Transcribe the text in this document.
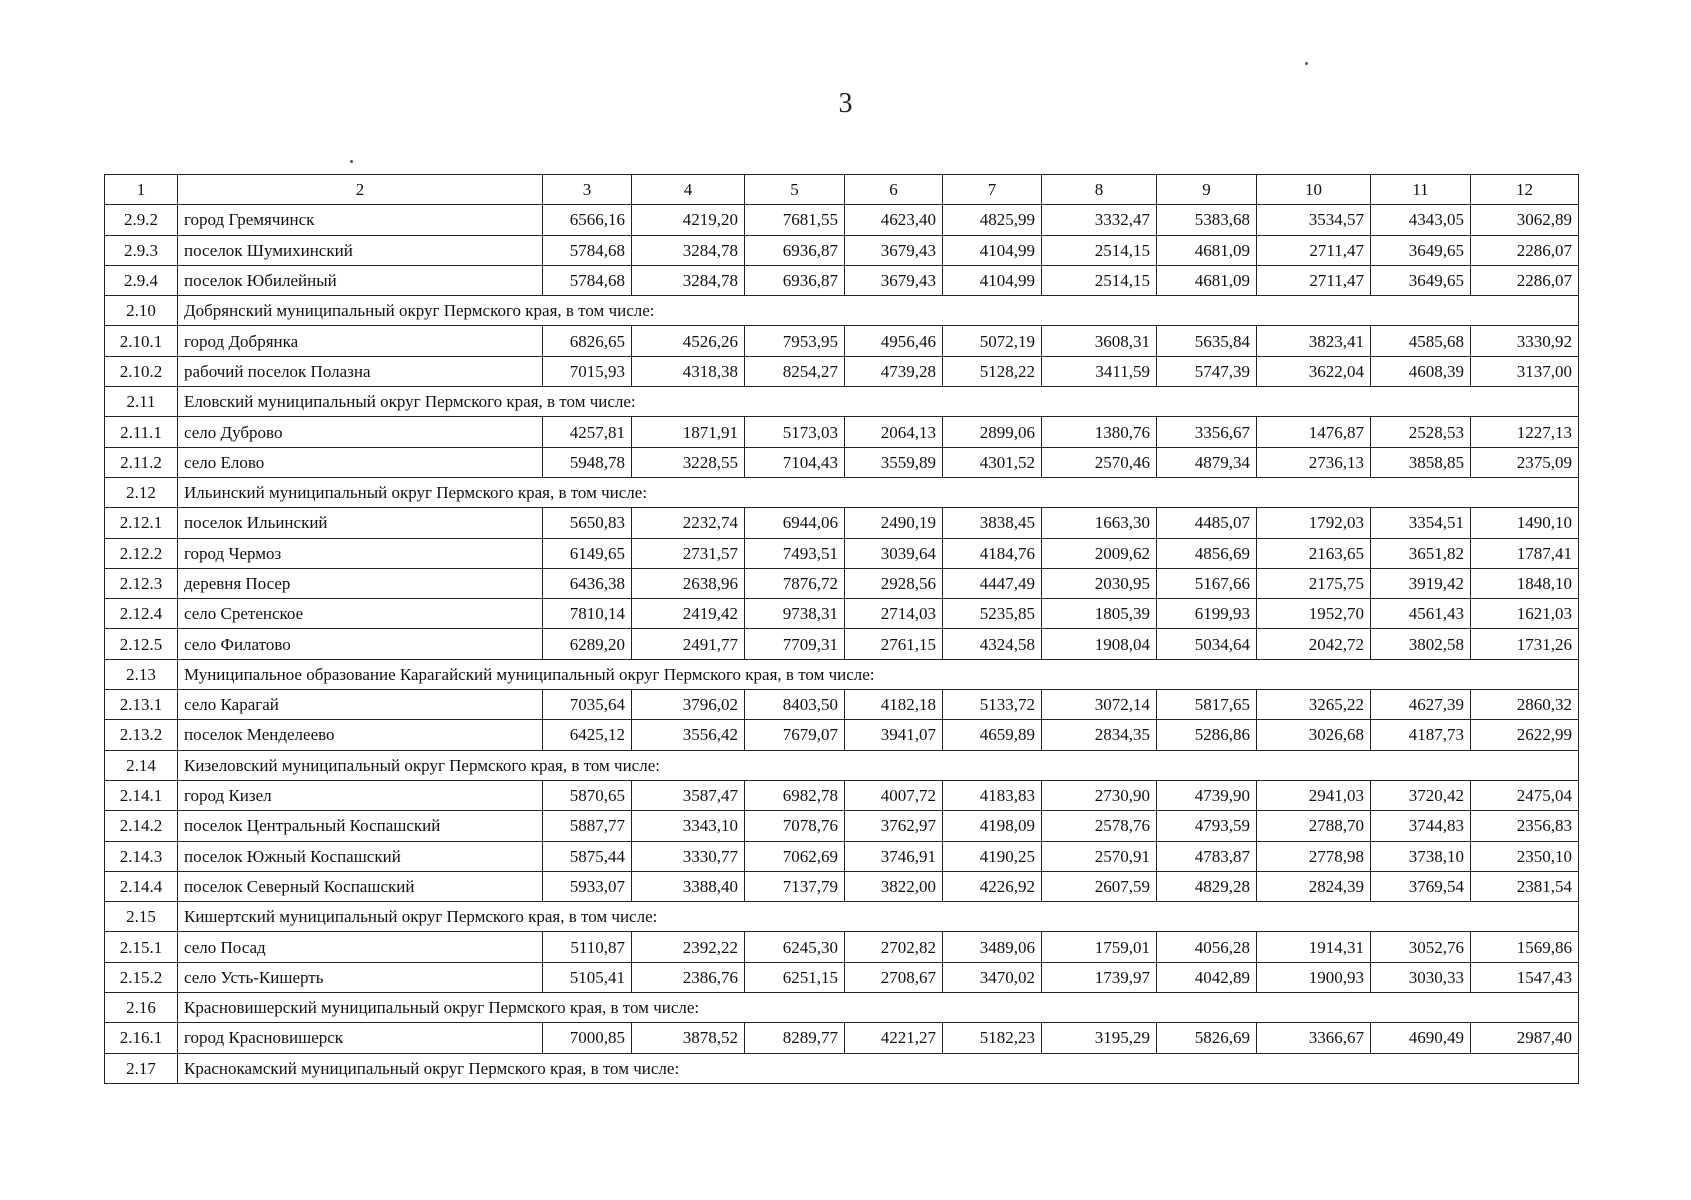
3
1	2	3	4	5	6	7	8	9	10	11	12
2.9.2	город Гремячинск	6566,16	4219,20	7681,55	4623,40	4825,99	3332,47	5383,68	3534,57	4343,05	3062,89
2.9.3	поселок Шумихинский	5784,68	3284,78	6936,87	3679,43	4104,99	2514,15	4681,09	2711,47	3649,65	2286,07
2.9.4	поселок Юбилейный	5784,68	3284,78	6936,87	3679,43	4104,99	2514,15	4681,09	2711,47	3649,65	2286,07
2.10	Добрянский муниципальный округ Пермского края, в том числе:										
2.10.1	город Добрянка	6826,65	4526,26	7953,95	4956,46	5072,19	3608,31	5635,84	3823,41	4585,68	3330,92
2.10.2	рабочий поселок Полазна	7015,93	4318,38	8254,27	4739,28	5128,22	3411,59	5747,39	3622,04	4608,39	3137,00
2.11	Еловский муниципальный округ Пермского края, в том числе:										
2.11.1	село Дуброво	4257,81	1871,91	5173,03	2064,13	2899,06	1380,76	3356,67	1476,87	2528,53	1227,13
2.11.2	село Елово	5948,78	3228,55	7104,43	3559,89	4301,52	2570,46	4879,34	2736,13	3858,85	2375,09
2.12	Ильинский муниципальный округ Пермского края, в том числе:										
2.12.1	поселок Ильинский	5650,83	2232,74	6944,06	2490,19	3838,45	1663,30	4485,07	1792,03	3354,51	1490,10
2.12.2	город Чермоз	6149,65	2731,57	7493,51	3039,64	4184,76	2009,62	4856,69	2163,65	3651,82	1787,41
2.12.3	деревня Посер	6436,38	2638,96	7876,72	2928,56	4447,49	2030,95	5167,66	2175,75	3919,42	1848,10
2.12.4	село Сретенское	7810,14	2419,42	9738,31	2714,03	5235,85	1805,39	6199,93	1952,70	4561,43	1621,03
2.12.5	село Филатово	6289,20	2491,77	7709,31	2761,15	4324,58	1908,04	5034,64	2042,72	3802,58	1731,26
2.13	Муниципальное образование Карагайский муниципальный округ Пермского края, в том числе:										
2.13.1	село Карагай	7035,64	3796,02	8403,50	4182,18	5133,72	3072,14	5817,65	3265,22	4627,39	2860,32
2.13.2	поселок Менделеево	6425,12	3556,42	7679,07	3941,07	4659,89	2834,35	5286,86	3026,68	4187,73	2622,99
2.14	Кизеловский муниципальный округ Пермского края, в том числе:										
2.14.1	город Кизел	5870,65	3587,47	6982,78	4007,72	4183,83	2730,90	4739,90	2941,03	3720,42	2475,04
2.14.2	поселок Центральный Коспашский	5887,77	3343,10	7078,76	3762,97	4198,09	2578,76	4793,59	2788,70	3744,83	2356,83
2.14.3	поселок Южный Коспашский	5875,44	3330,77	7062,69	3746,91	4190,25	2570,91	4783,87	2778,98	3738,10	2350,10
2.14.4	поселок Северный Коспашский	5933,07	3388,40	7137,79	3822,00	4226,92	2607,59	4829,28	2824,39	3769,54	2381,54
2.15	Кишертский муниципальный округ Пермского края, в том числе:										
2.15.1	село Посад	5110,87	2392,22	6245,30	2702,82	3489,06	1759,01	4056,28	1914,31	3052,76	1569,86
2.15.2	село Усть-Кишерть	5105,41	2386,76	6251,15	2708,67	3470,02	1739,97	4042,89	1900,93	3030,33	1547,43
2.16	Красновишерский муниципальный округ Пермского края, в том числе:										
2.16.1	город Красновишерск	7000,85	3878,52	8289,77	4221,27	5182,23	3195,29	5826,69	3366,67	4690,49	2987,40
2.17	Краснокамский муниципальный округ Пермского края, в том числе:										
